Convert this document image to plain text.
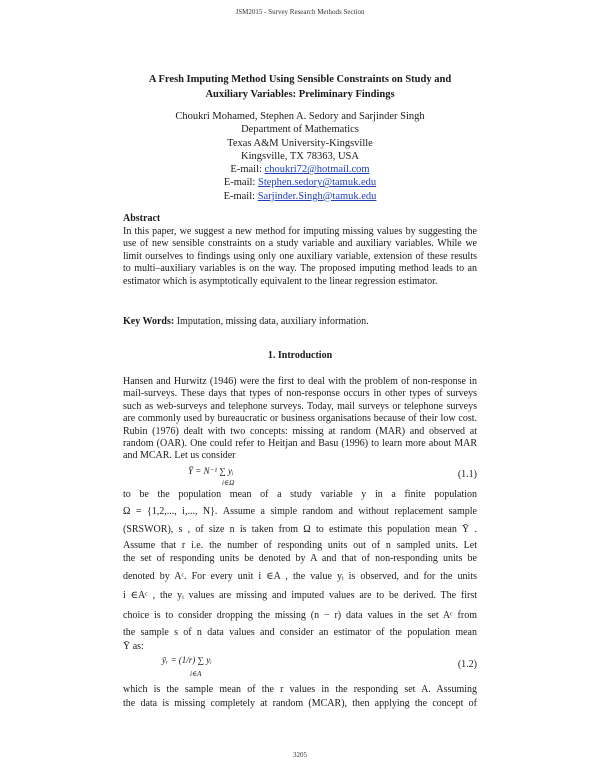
JSM2015 - Survey Research Methods Section
A Fresh Imputing Method Using Sensible Constraints on Study and
Auxiliary Variables: Preliminary Findings
Choukri Mohamed, Stephen A. Sedory and Sarjinder Singh
Department of Mathematics
Texas A&M University-Kingsville
Kingsville, TX 78363, USA
E-mail: choukri72@hotmail.com
E-mail: Stephen.sedory@tamuk.edu
E-mail: Sarjinder.Singh@tamuk.edu
Abstract
In this paper, we suggest a new method for imputing missing values by suggesting the use of new sensible constraints on a study variable and auxiliary variables. While we limit ourselves to findings using only one auxiliary variable, extension of these results to multi–auxiliary variables is on the way. The proposed imputing method leads to an estimator which is asymptotically equivalent to the linear regression estimator.
Key Words: Imputation, missing data, auxiliary information.
1. Introduction
Hansen and Hurwitz (1946) were the first to deal with the problem of non-response in mail-surveys. These days that types of non-response occurs in other types of surveys such as web-surveys and telephone surveys. Today, mail surveys or telephone surveys are commonly used by bureaucratic or business organisations because of their low cost. Rubin (1976) dealt with two concepts: missing at random (MAR) and observed at random (OAR). One could refer to Heitjan and Basu (1996) to learn more about MAR and MCAR. Let us consider
Ȳ = N⁻¹ ∑ yᵢ
i∈Ω
(1.1)
to be the population mean of a study variable y in a finite population
Ω = {1,2,..., i,..., N}. Assume a simple random and without replacement sample
(SRSWOR), s , of size n is taken from Ω to estimate this population mean Ȳ .
Assume that r i.e. the number of responding units out of n sampled units. Let
the set of responding units be denoted by A and that of non-responding units be
denoted by Aᶜ. For every unit i ∈A , the value yᵢ is observed, and for the units
i ∈Aᶜ , the yᵢ values are missing and imputed values are to be derived. The first
choice is to consider dropping the missing (n − r) data values in the set Aᶜ from
the sample s of n data values and consider an estimator of the population mean
Ȳ as:
ȳᵣ = (1/r) ∑ yᵢ
i∈A
(1.2)
which is the sample mean of the r values in the responding set A. Assuming
the data is missing completely at random (MCAR), then applying the concept of
3205
